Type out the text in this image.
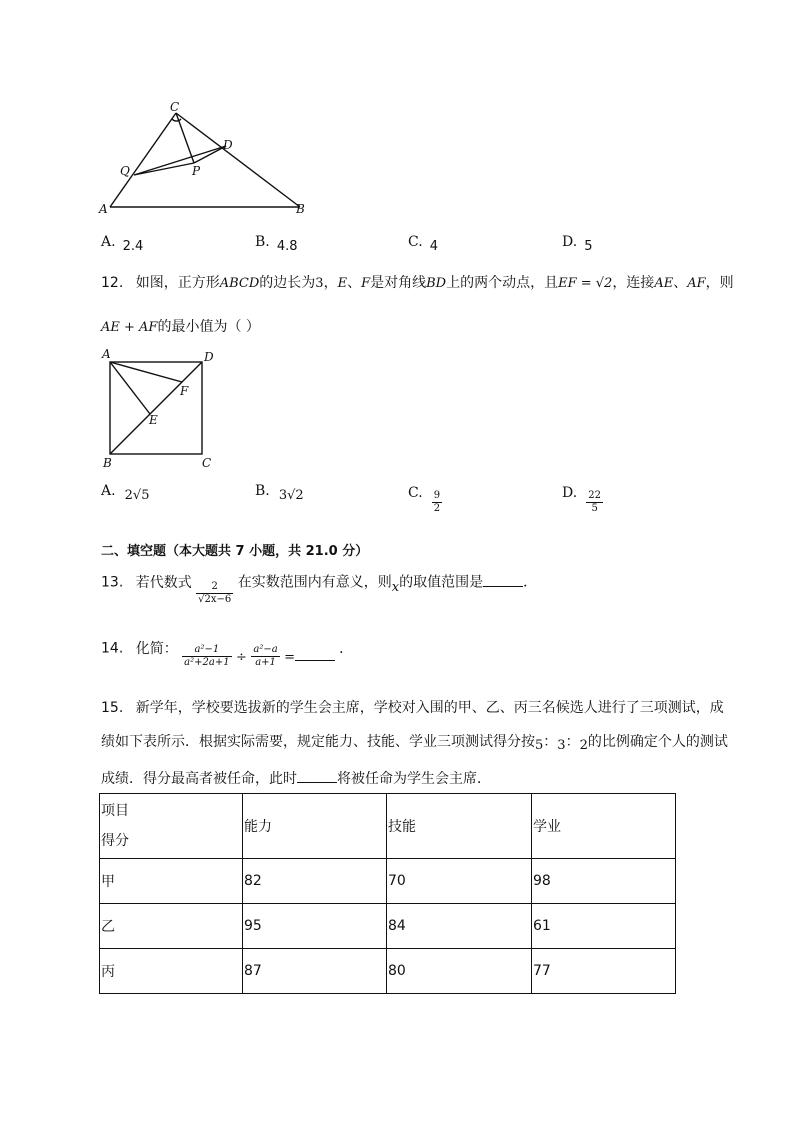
C
D
Q	P
A	B
A. $_{2.4}$	B. $_{4.8}$	C. $_4$	D. $_5$
12. 如图，正方形ABCD的边长为3，E、F是对角线BD上的两个动点，且EF = √2，连接AE、AF，则
AE + AF的最小值为（ ）
A	D
F
E
B	C
A. $_{2√5}$	B. $_{3√2}$	C. $\frac{9}{2}$	D. $\frac{22}{5}$
二、填空题（本大题共 7 小题，共 21.0 分）
13. 若代数式 $\frac{2}{√2x-6}$ 在实数范围内有意义，则x的取值范围是	．
14. 化简： $\frac{\text{a²−1}}{\text{a²+2a+1}} \div \frac{\text{a²−a}}{a+1}$ =．
15. 新学年，学校要选拔新的学生会主席，学校对入围的甲、乙、丙三名候选人进行了三项测试，成
绩如下表所示．根据实际需要，规定能力、技能、学业三项测试得分按5：3：2的比例确定个人的测试
成绩．得分最高者被任命，此时	将被任命为学生会主席．
项目
得分	能力	技能	学业
甲	82	70	98
乙	95	84	61
丙	87	80	77
